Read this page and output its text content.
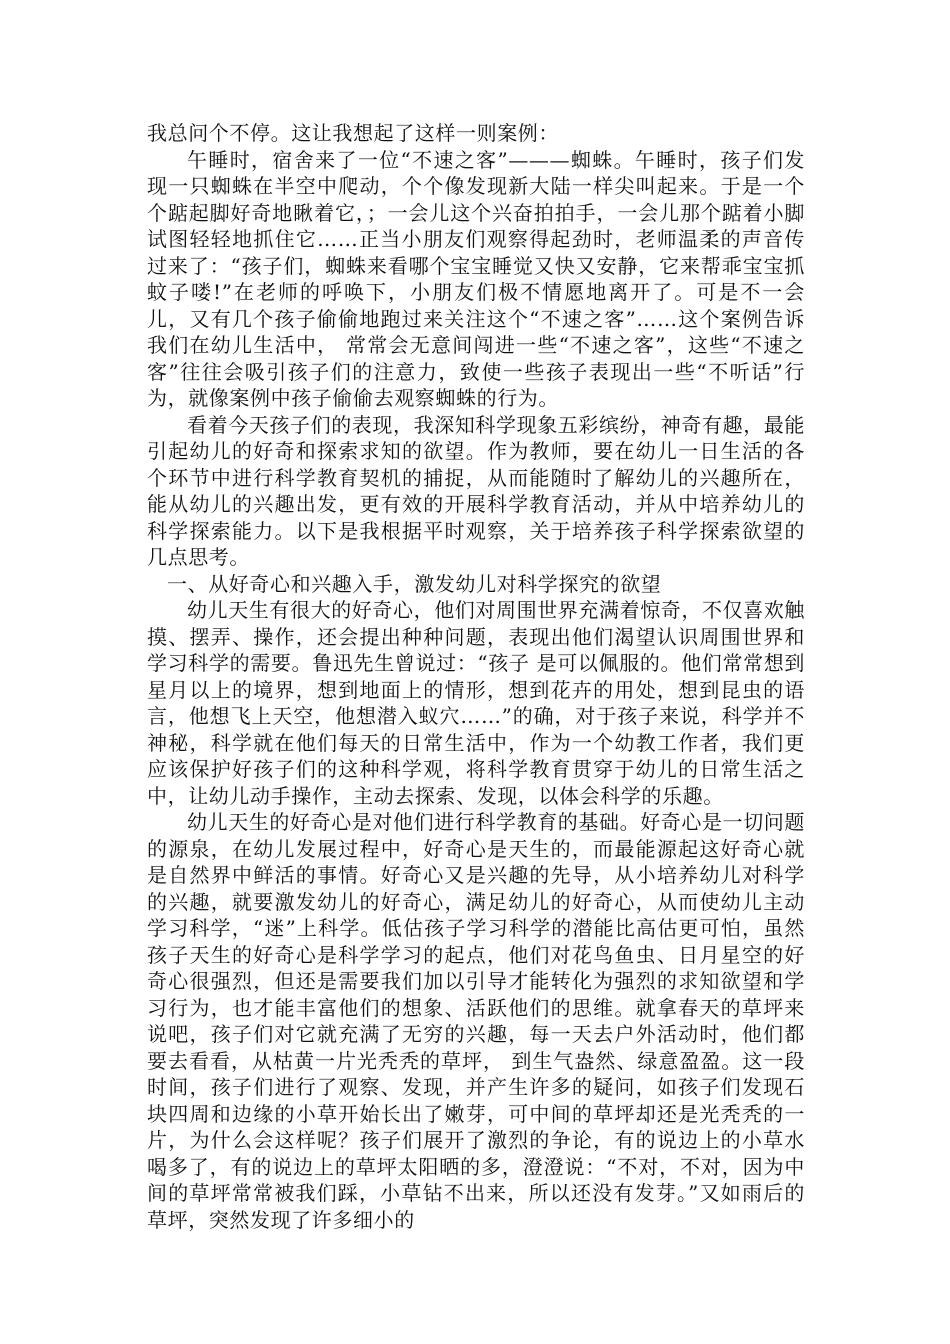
我总问个不停。这让我想起了这样一则案例：

午睡时，宿舍来了一位“不速之客”———蜘蛛。午睡时，孩子们发现一只蜘蛛在半空中爬动，个个像发现新大陆一样尖叫起来。于是一个个踮起脚好奇地瞅着它，；一会儿这个兴奋拍拍手，一会儿那个踮着小脚试图轻轻地抓住它……正当小朋友们观察得起劲时，老师温柔的声音传过来了：“孩子们，蜘蛛来看哪个宝宝睡觉又快又安静，它来帮乖宝宝抓蚊子喽!”在老师的呼唤下，小朋友们极不情愿地离开了。可是不一会儿，又有几个孩子偷偷地跑过来关注这个“不速之客”……这个案例告诉我们在幼儿生活中， 常常会无意间闯进一些“不速之客”，这些“不速之客”往往会吸引孩子们的注意力，致使一些孩子表现出一些“不听话”行为，就像案例中孩子偷偷去观察蜘蛛的行为。

看着今天孩子们的表现，我深知科学现象五彩缤纷，神奇有趣，最能引起幼儿的好奇和探索求知的欲望。作为教师，要在幼儿一日生活的各个环节中进行科学教育契机的捕捉，从而能随时了解幼儿的兴趣所在，能从幼儿的兴趣出发，更有效的开展科学教育活动，并从中培养幼儿的科学探索能力。以下是我根据平时观察，关于培养孩子科学探索欲望的几点思考。

一、从好奇心和兴趣入手，激发幼儿对科学探究的欲望

幼儿天生有很大的好奇心，他们对周围世界充满着惊奇，不仅喜欢触摸、摆弄、操作，还会提出种种问题，表现出他们渴望认识周围世界和学习科学的需要。鲁迅先生曾说过：“孩子 是可以佩服的。他们常常想到星月以上的境界，想到地面上的情形，想到花卉的用处，想到昆虫的语言，他想飞上天空，他想潜入蚁穴……”的确，对于孩子来说，科学并不神秘，科学就在他们每天的日常生活中，作为一个幼教工作者，我们更应该保护好孩子们的这种科学观，将科学教育贯穿于幼儿的日常生活之中，让幼儿动手操作，主动去探索、发现，以体会科学的乐趣。

幼儿天生的好奇心是对他们进行科学教育的基础。好奇心是一切问题的源泉，在幼儿发展过程中，好奇心是天生的，而最能源起这好奇心就是自然界中鲜活的事情。好奇心又是兴趣的先导，从小培养幼儿对科学的兴趣，就要激发幼儿的好奇心，满足幼儿的好奇心，从而使幼儿主动学习科学，“迷”上科学。低估孩子学习科学的潜能比高估更可怕，虽然孩子天生的好奇心是科学学习的起点，他们对花鸟鱼虫、日月星空的好奇心很强烈，但还是需要我们加以引导才能转化为强烈的求知欲望和学习行为，也才能丰富他们的想象、活跃他们的思维。就拿春天的草坪来说吧，孩子们对它就充满了无穷的兴趣，每一天去户外活动时，他们都要去看看，从枯黄一片光秃秃的草坪， 到生气盎然、绿意盈盈。这一段时间，孩子们进行了观察、发现，并产生许多的疑问，如孩子们发现石块四周和边缘的小草开始长出了嫩芽，可中间的草坪却还是光秃秃的一片，为什么会这样呢？孩子们展开了激烈的争论，有的说边上的小草水喝多了，有的说边上的草坪太阳晒的多，澄澄说：“不对，不对，因为中间的草坪常常被我们踩，小草钻不出来，所以还没有发芽。”又如雨后的草坪，突然发现了许多细小的
